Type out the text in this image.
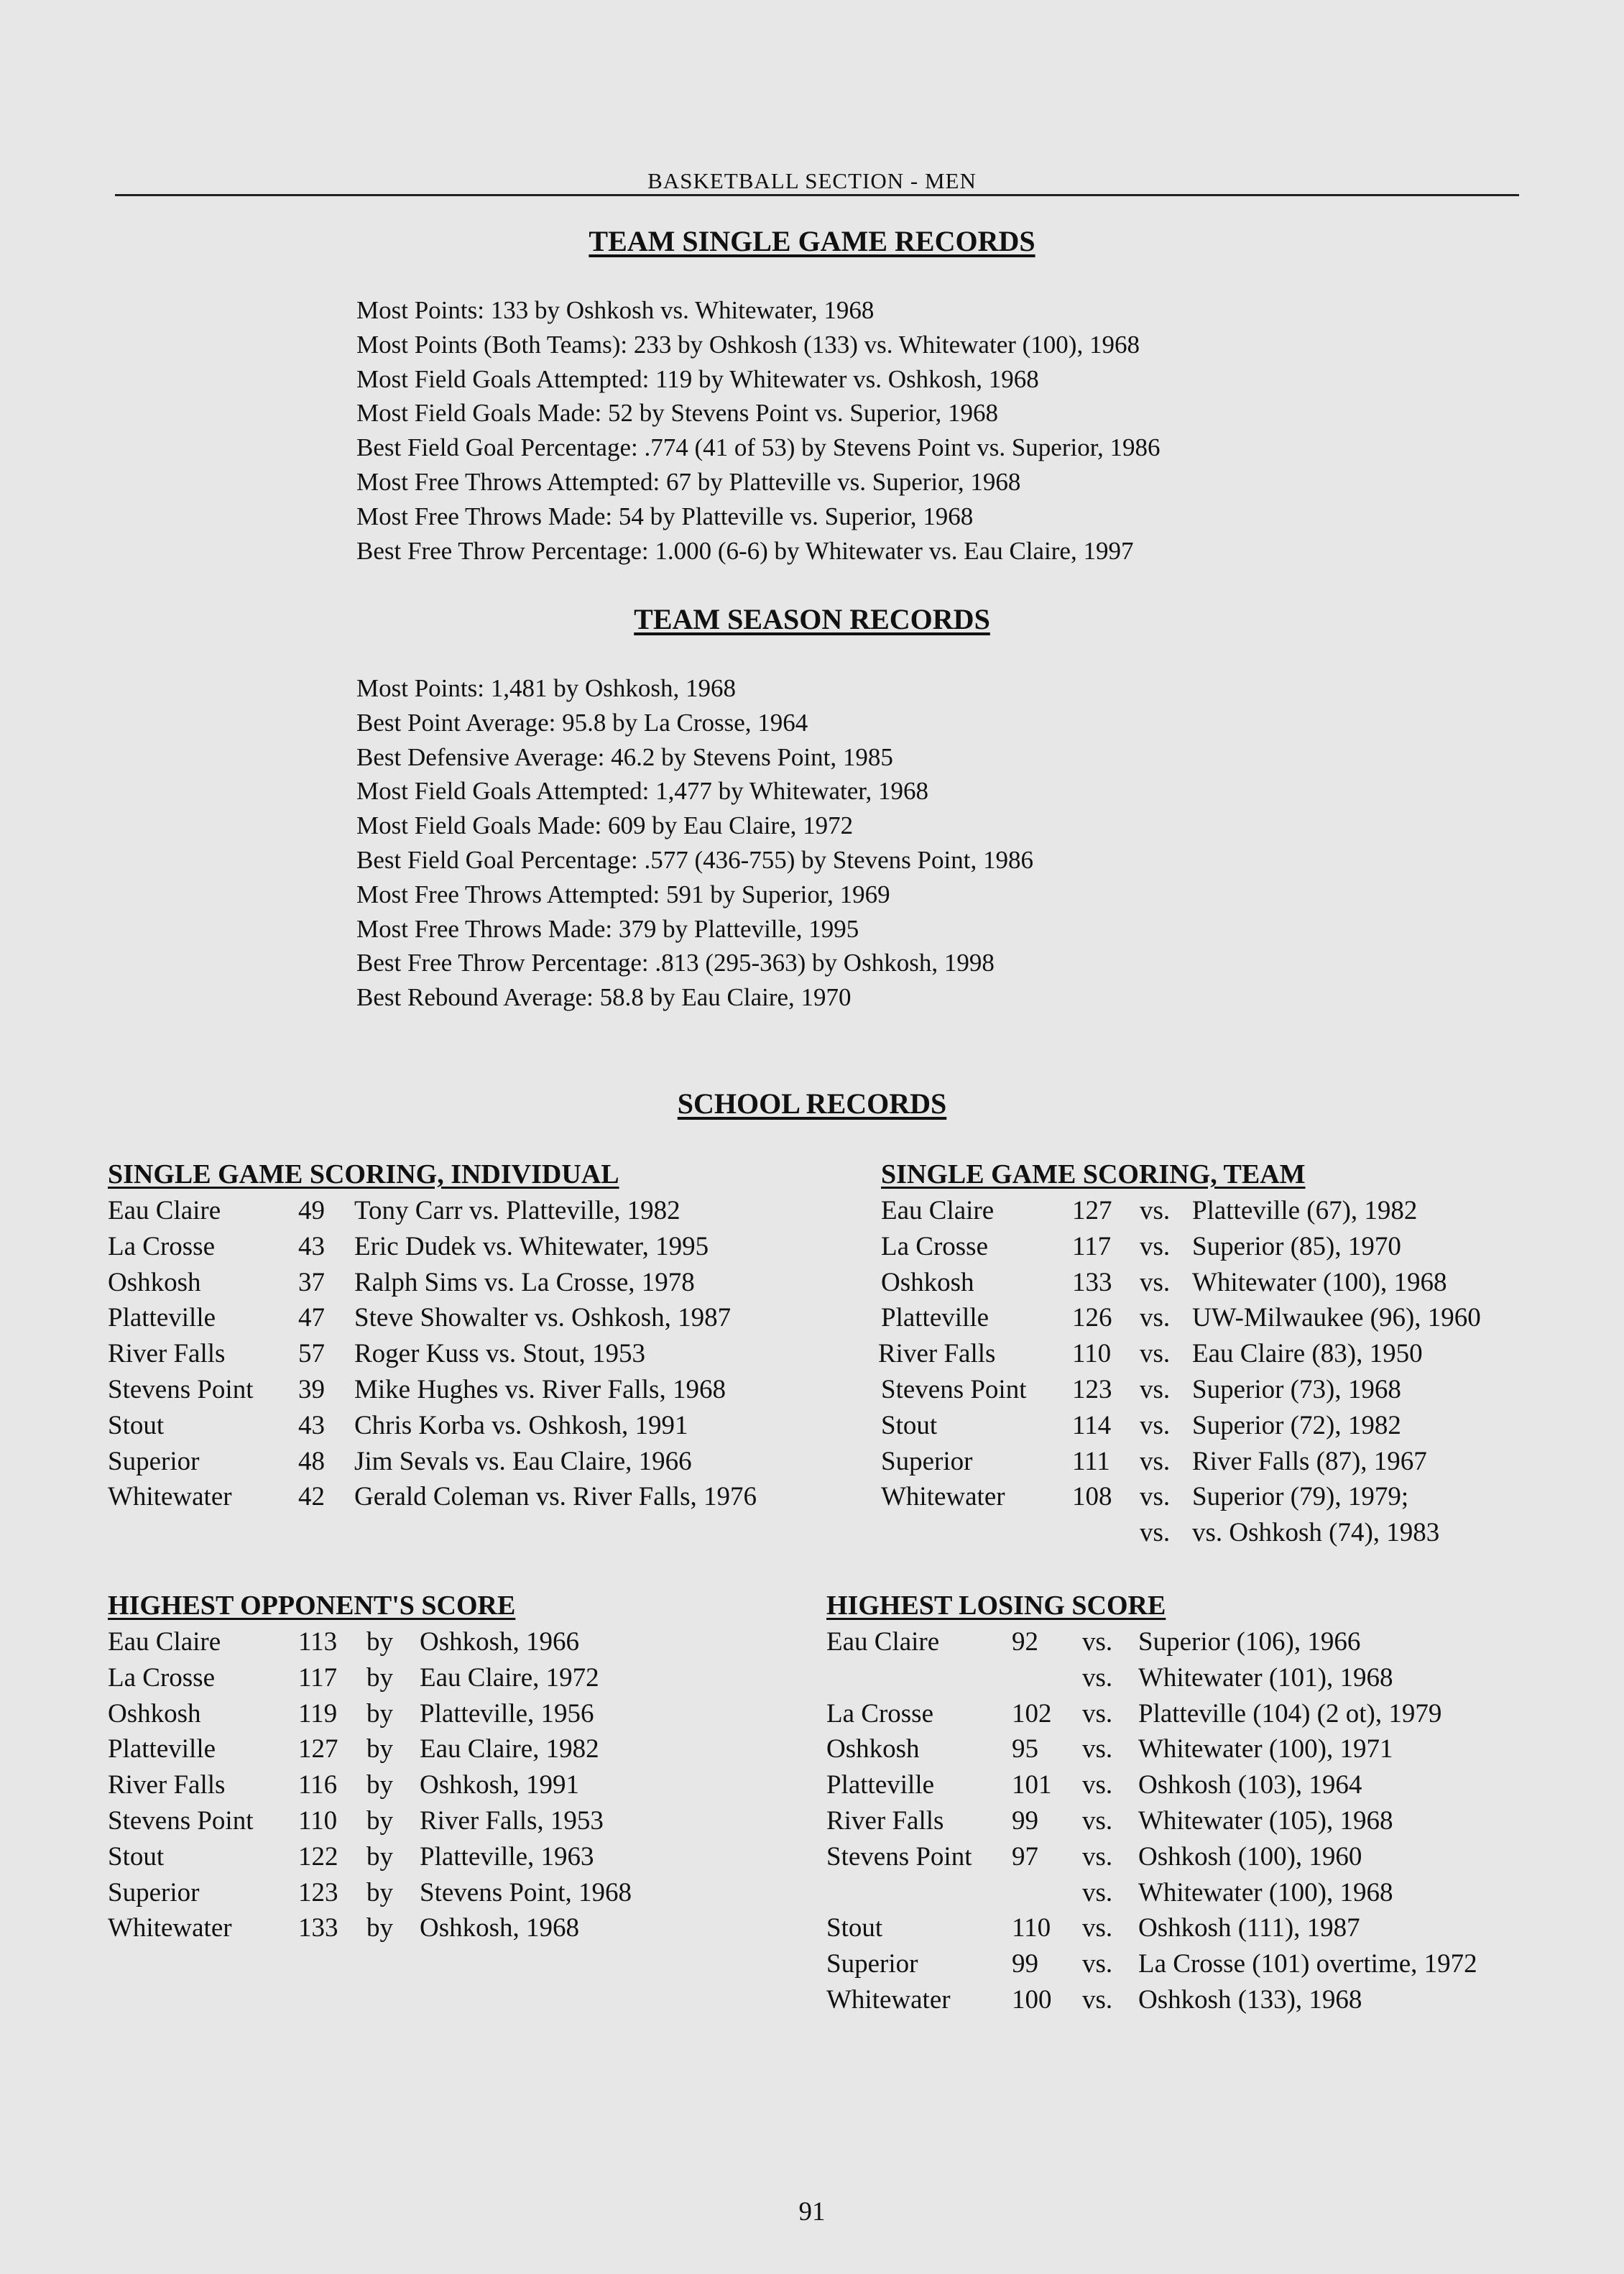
BASKETBALL SECTION - MEN
TEAM SINGLE GAME RECORDS
Most Points: 133 by Oshkosh vs. Whitewater, 1968
Most Points (Both Teams): 233 by Oshkosh (133) vs. Whitewater (100), 1968
Most Field Goals Attempted: 119 by Whitewater vs. Oshkosh, 1968
Most Field Goals Made: 52 by Stevens Point vs. Superior, 1968
Best Field Goal Percentage: .774 (41 of 53) by Stevens Point vs. Superior, 1986
Most Free Throws Attempted: 67 by Platteville vs. Superior, 1968
Most Free Throws Made: 54 by Platteville vs. Superior, 1968
Best Free Throw Percentage: 1.000 (6-6) by Whitewater vs. Eau Claire, 1997
TEAM SEASON RECORDS
Most Points: 1,481 by Oshkosh, 1968
Best Point Average: 95.8 by La Crosse, 1964
Best Defensive Average: 46.2 by Stevens Point, 1985
Most Field Goals Attempted: 1,477 by Whitewater, 1968
Most Field Goals Made: 609 by Eau Claire, 1972
Best Field Goal Percentage: .577 (436-755) by Stevens Point, 1986
Most Free Throws Attempted: 591 by Superior, 1969
Most Free Throws Made: 379 by Platteville, 1995
Best Free Throw Percentage: .813 (295-363) by Oshkosh, 1998
Best Rebound Average: 58.8 by Eau Claire, 1970
SCHOOL RECORDS
SINGLE GAME SCORING, INDIVIDUAL
Eau Claire	49 Tony Carr vs. Platteville, 1982
La Crosse	43 Eric Dudek vs. Whitewater, 1995
Oshkosh	37 Ralph Sims vs. La Crosse, 1978
Platteville	47 Steve Showalter vs. Oshkosh, 1987
River Falls	57 Roger Kuss vs. Stout, 1953
Stevens Point 39 Mike Hughes vs. River Falls, 1968
Stout	43 Chris Korba vs. Oshkosh, 1991
Superior	48 Jim Sevals vs. Eau Claire, 1966
Whitewater 42 Gerald Coleman vs. River Falls, 1976
SINGLE GAME SCORING, TEAM
Eau Claire	127 vs. Platteville (67), 1982
La Crosse	117 vs. Superior (85), 1970
Oshkosh	133 vs. Whitewater (100), 1968
Platteville	126 vs. UW-Milwaukee (96), 1960
River Falls	110 vs. Eau Claire (83), 1950
Stevens Point 123 vs. Superior (73), 1968
Stout	114 vs. Superior (72), 1982
Superior	111 vs. River Falls (87), 1967
Whitewater	108 vs. Superior (79), 1979;
vs. vs. Oshkosh (74), 1983
HIGHEST OPPONENT'S SCORE
Eau Claire	113 by Oshkosh, 1966
La Crosse	117 by Eau Claire, 1972
Oshkosh	119 by Platteville, 1956
Platteville	127 by Eau Claire, 1982
River Falls	116 by Oshkosh, 1991
Stevens Point 110 by River Falls, 1953
Stout	122 by Platteville, 1963
Superior	123 by Stevens Point, 1968
Whitewater 133 by Oshkosh, 1968
HIGHEST LOSING SCORE
Eau Claire	92 vs. Superior (106), 1966
vs. Whitewater (101), 1968
La Crosse	102 vs. Platteville (104) (2 ot), 1979
Oshkosh	95 vs. Whitewater (100), 1971
Platteville	101 vs. Oshkosh (103), 1964
River Falls	99 vs. Whitewater (105), 1968
Stevens Point 97 vs. Oshkosh (100), 1960
vs. Whitewater (100), 1968
Stout	110 vs. Oshkosh (111), 1987
Superior	99 vs. La Crosse (101) overtime, 1972
Whitewater 100 vs. Oshkosh (133), 1968
91
